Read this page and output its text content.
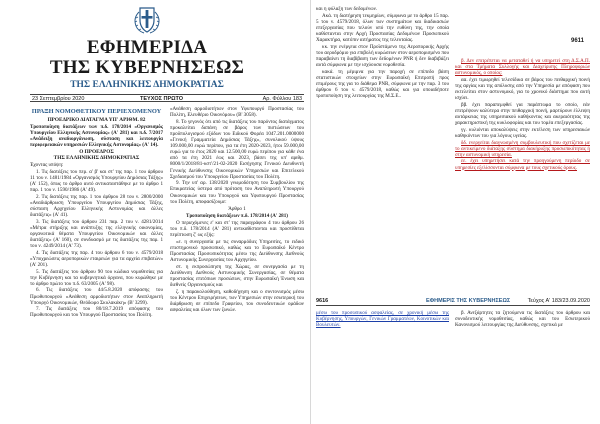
ΕΦΗΜΕΡΙΔΑ
ΤΗΣ ΚΥΒΕΡΝΗΣΕΩΣ
ΤΗΣ ΕΛΛΗΝΙΚΗΣ ΔΗΜΟΚΡΑΤΙΑΣ
23 Σεπτεμβρίου 2020	ΤΕΥΧΟΣ ΠΡΩΤΟ	Αρ. Φύλλου 183

ΠΡΑΞΗ ΝΟΜΟΘΕΤΙΚΟΥ ΠΕΡΙΕΧΟΜΕΝΟΥ

ΠΡΟΕΔΡΙΚΟ ΔΙΑΤΑΓΜΑ ΥΠ' ΑΡΙΘΜ. 82

Τροποποίηση διατάξεων των π.δ. 178/2014 «Οργανισμός Υπουργείου Ελληνικής Αστυνομίας» (Α' 281) και π.δ. 7/2017 «Ανάδειξη αναδιοργάνωση, σύσταση και λειτουργία περιφερειακών υπηρεσιών Ελληνικής Αστυνομίας» (Α' 14).

Ο ΠΡΟΕΔΡΟΣ

ΤΗΣ ΕΛΛΗΝΙΚΗΣ ΔΗΜΟΚΡΑΤΙΑΣ

Έχοντας υπόψη:

1. Τις διατάξεις του περ. α' β' και στ' της παρ. 1 του άρθρου 11 του ν. 1481/1984 «Οργανισμός Υπουργείου Δημόσιας Τάξης» (Α' 152), όπως το άρθρο αυτό αντικαταστάθηκε με το άρθρο 1 παρ. 1 του ν. 1590/1986 (Α' 49).

2. Τις διατάξεις της παρ. 1 του άρθρου 28 του ν. 2800/2000 «Αναδιάρθρωση Υπουργείου Υπουργείου Δημόσιας Τάξης, σύσταση Αρχηγείου Ελληνικής Αστυνομίας και άλλες διατάξεις» (Α' 41).

3. Τις διατάξεις του άρθρου 231 παρ. 2 του ν. 4281/2014 «Μέτρα στήριξης και ανάπτυξης της ελληνικής οικονομίας, οργανωτικά θέματα Υπουργείου Οικονομικών και άλλες διατάξεις» (Α' 160), σε συνδυασμό με τις διατάξεις της παρ. 1 του ν. 4249/2014 (Α' 73).

4. Τις διατάξεις της παρ. 4 του άρθρου 6 του ν. 4579/2018 «Υποχρεώσεις αεροπορικών εταιρειών για τα αρχεία επιβατών» (Α' 201).

5. Τις διατάξεις του άρθρου 90 του κώδικα νομοθεσίας για την Κυβέρνηση και τα κυβερνητικά όργανα, που κυρώθηκε με το άρθρο πρώτο του π.δ. 63/2005 (Α' 98).

6. Τις διατάξεις του 44/5.8.2020 απόφασης του Πρωθυπουργού «Ανάθεση αρμοδιοτήτων στον Αναπληρωτή Υπουργό Οικονομικών, Θεόδωρο Σκυλακάκη» (Β' 3299).

7. Τις διατάξεις του 80/18.7.2019 απόφασης του Πρωθυπουργού και του Υπουργού Προστασίας του Πολίτη.

«Ανάθεση αρμοδιοτήτων στον Υφυπουργό Προστασίας του Πολίτη, Ελευθέριο Οικονόμου» (Β' 3058).

8. Το γεγονός ότι από τις διατάξεις του παρόντος διατάγματος προκαλείται δαπάνη σε βάρος των πιστώσεων του προϋπολογισμού εξόδων του Ειδικού Φορέα 1047.201.0000000 «Γενική Γραμματεία Δημόσιας Τάξης», συνολικού ύψους 109.000,00 ευρώ περίπου, για τα έτη 2020-2023, ήτοι 59.000,00 ευρώ για το έτος 2020 και 12.500,00 ευρώ περίπου για κάθε ένα από τα έτη 2021 έως και 2023, βάσει της υπ' αριθμ. 8000/1/2018/81-κστ'/21-02-2020 Εισήγησης Γενικού Διευθυντή Γενικής Διεύθυνσης Οικονομικών Υπηρεσιών και Επιτελικού Σχεδιασμού του Υπουργείου Προστασίας του Πολίτη.

9. Την υπ' αρ. 138/2020 γνωμοδότηση του Συμβουλίου της Επικρατείας ύστερα από πρόταση του Αναπληρωτή Υπουργού Οικονομικών και του Υπουργού και Υφυπουργού Προστασίας του Πολίτη, αποφασίζουμε:

Άρθρο 1

Τροποποίηση διατάξεων π.δ. 178/2014 (Α' 281)

Ο περιεχόμενες ε' και στ' της παραγράφου 4 του άρθρου 26 του π.δ. 178/2014 (Α' 281) αντικαθίστανται και προστίθεται περίπτωση ζ' ως εξής:

«ε. η συνεργασία με τις συναρμόδιες Υπηρεσίες, το ειδικό επιστημονικό προσωπικό, καθώς και το Ευρωπαϊκό Κέντρο Προστασίας Προσωπικότητας μέσω της Διεύθυνσης Διεθνούς Αστυνομικής Συνεργασίας του Αρχηγείου.

στ. η εκπροσώπηση της Χώρας, σε συνεργασία με τη Διεύθυνση Διεθνούς Αστυνομικής Συνεργασίας, σε θέματα προστασίας επιτόπιων προσώπων, στην Ευρωπαϊκή Ένωση και διεθνείς Οργανισμούς και

ζ. η παρακολούθηση, καθοδήγηση και ο συντονισμός μέσω του Κέντρου Επιχειρήσεων, των Υπηρεσιών στην εσωτερική του διάρθρωση σε επίπεδο Γραφείου, του συνοδευτικών ομάδων ασφαλείας και όλων των ζωνών.

9611

και η φύλαξη των δεδομένων.

Ακά. τη διατήρηση τεκμηρίων, σύμφωνα με το άρθρο 15 παρ. 5 του ν. 4579/2018, όλων των συστημάτων και διαδικασιών επεξεργασίας που τελούν υπό την ευθύνη της, την οποία καθίστανται στην Αρχή Προστασίας Δεδομένων Προσωπικού Χαρακτήρα, κατόπιν αιτήματος της τελευταίας.

κκ. την ενέργεια στον Προϊστάμενο της Αεροπορικής Αρχής του αεροδρόμιο για επιβολή κυρώσεων στον αεροπορισμένο που παραβαίνει τη διαβίβαση των δεδομένων PNR ή δεν διαβιβάζει αυτά σύμφωνα με την ισχύουσα νομοθεσία.

κακά. τη μέριμνα για την παροχή σε επίπεδο βάση στατιστικών στοιχείων στην Ευρωπαϊκή Επιτροπή προς επιμέρους της για το διάθεμα PNR, σύμφωνα με την παρ. 3 του άρθρου 6 του ν. 4579/2018, καθώς και για οποιαδήποτε τροποποίηση της λειτουργίας της Μ.Σ.Ε..

β. Δεν επιτρέπεται να μεταταθεί ή να υπηρετεί στη Δ.Σ.Α.Π. και στα Τμήματα Συλλογής και Διαχείρισης Πληροφοριών αστυνομικός, ο οποίος:

αα. έχει τιμωρηθεί τελεσίδικα σε βάρος του πειθαρχική ποινή της αργίας και της απόλυσης από την Υπηρεσία με απόφαση που εκτελείται στον αστυνομικό, για το χρονικό διάστημα που αυτή ισχύει.

ββ. έχει παραπεμφθεί για παράπτωμα το οποίο, εάν επιτρέψουν καλύτερα στην πειθαρχική ποινή, μαρτύρουν έλλειψη αυτάρκειας της υπηρεσιακού καθήκοντος και ακεραιότητας της χαρακτηριστική της κυκλοφορίας και του τομέα επεξεργασίας.

γγ. κυλιόνται αποκαλύψεις στην εκτέλεση των υπηρεσιακών καθηκόντων του για λόγους υγείας.

δδ. ενεργείται διαγνωσμένη συμβουλευτική που σχετίζεται με το αντικείμενο διάταξης σύστημα διακήρυξης προσωπικότητας ή στην αστυνομική υπηρεσία.

εε. έχει υπηρετήσει κατά την προηγούμενη περίοδο σε υπηρεσίες εξελίσσονται σύμφωνα με τους σχετικούς όρους.

9616	ΕΦΗΜΕΡΙΣ ΤΗΣ ΚΥΒΕΡΝΗΣΕΩΣ	Τεύχος Α' 183/23.09.2020

μέσω του προσωπικού ασφαλείας, σε χρονική μέσω της Κυβέρνησης, Υπουργών, Γενικών Γραμματέων, Κοινοτικών και Βουλευτών.

β. Ανεξάρτητες τα ζητούμενα τις διατάξεις του άρθρου και συνοδευτικής νομοθεσίας, καθώς και του Εσωτερικού Κανονισμού λειτουργίας της Διεύθυνσης, σχετικά με
